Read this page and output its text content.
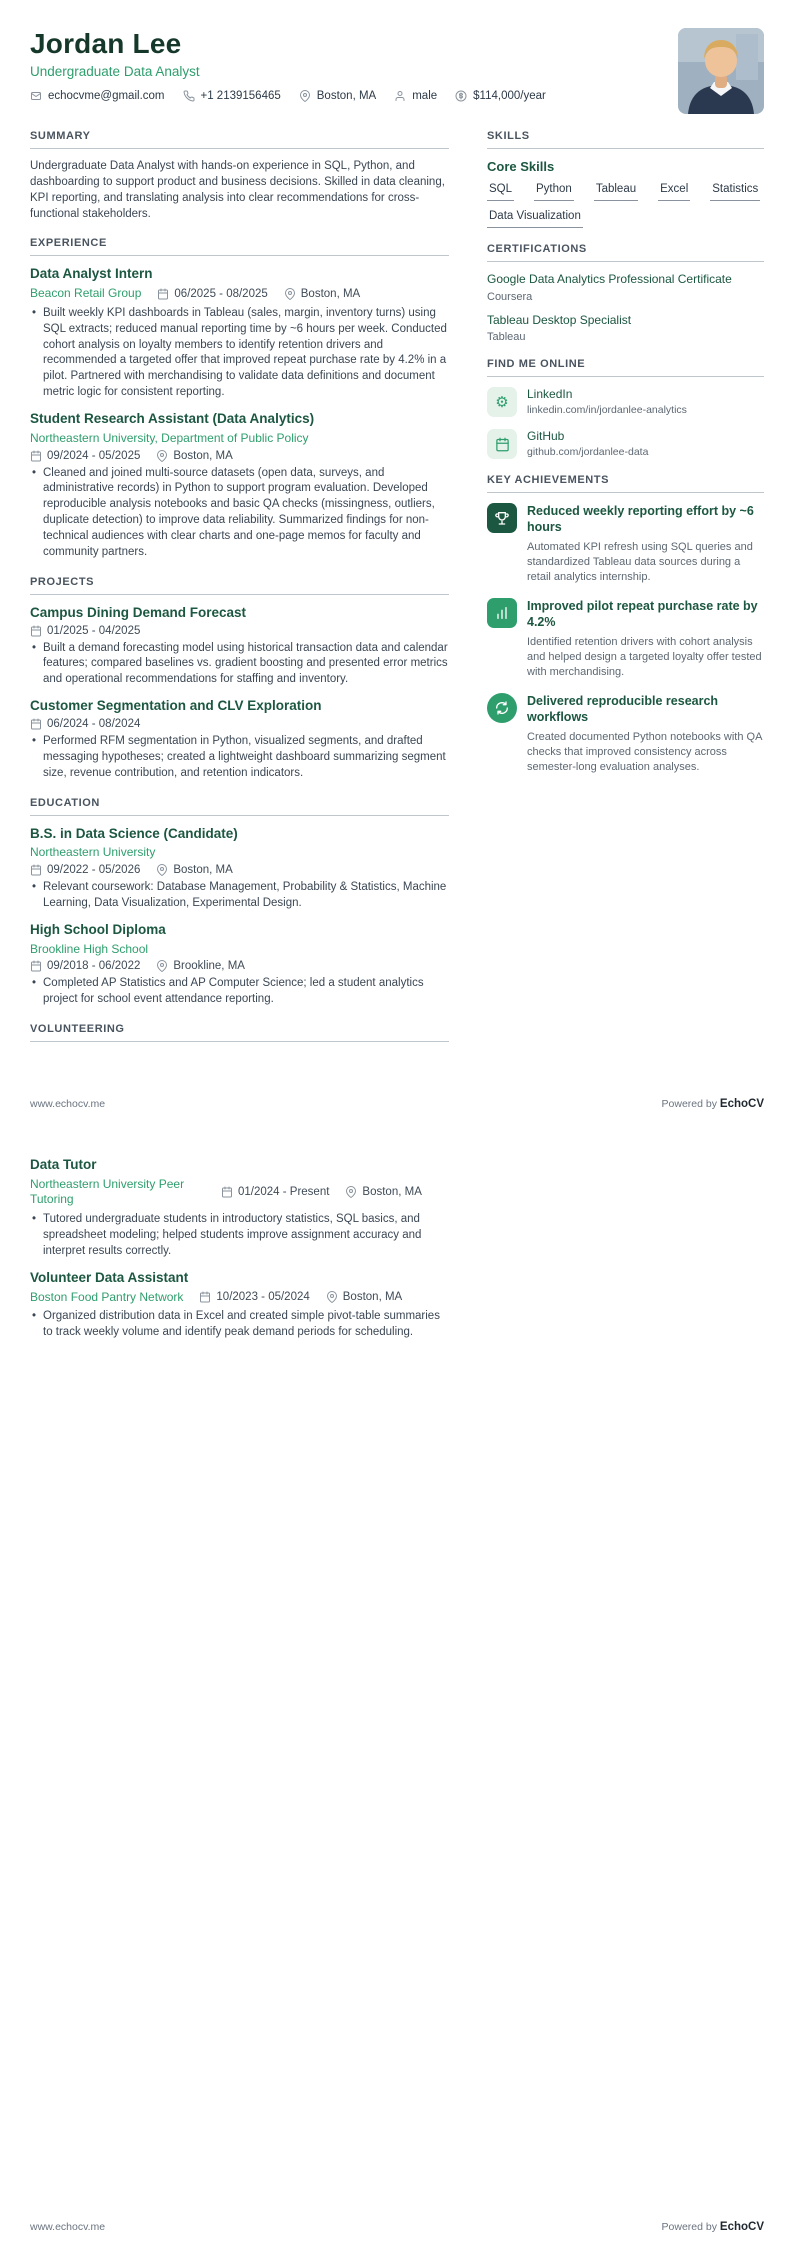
Jordan Lee
Undergraduate Data Analyst
echocvme@gmail.com	+1 2139156465	Boston, MA	male	$114,000/year
SUMMARY

Undergraduate Data Analyst with hands-on experience in SQL, Python, and dashboarding to support product and business decisions. Skilled in data cleaning, KPI reporting, and translating analysis into clear recommendations for cross-functional stakeholders.

EXPERIENCE
Data Analyst Intern
Beacon Retail Group	06/2025 - 08/2025	Boston, MA
• Built weekly KPI dashboards in Tableau (sales, margin, inventory turns) using SQL extracts; reduced manual reporting time by ~6 hours per week. Conducted cohort analysis on loyalty members to identify retention drivers and recommended a targeted offer that improved repeat purchase rate by 4.2% in a pilot. Partnered with merchandising to validate data definitions and document metric logic for consistent reporting.
Student Research Assistant (Data Analytics)
Northeastern University, Department of Public Policy
09/2024 - 05/2025	Boston, MA
• Cleaned and joined multi-source datasets (open data, surveys, and administrative records) in Python to support program evaluation. Developed reproducible analysis notebooks and basic QA checks (missingness, outliers, duplicate detection) to improve data reliability. Summarized findings for non-technical audiences with clear charts and one-page memos for faculty and community partners.
PROJECTS
Campus Dining Demand Forecast
01/2025 - 04/2025
• Built a demand forecasting model using historical transaction data and calendar features; compared baselines vs. gradient boosting and presented error metrics and operational recommendations for staffing and inventory.
Customer Segmentation and CLV Exploration
06/2024 - 08/2024
• Performed RFM segmentation in Python, visualized segments, and drafted messaging hypotheses; created a lightweight dashboard summarizing segment size, revenue contribution, and retention indicators.
EDUCATION
B.S. in Data Science (Candidate)
Northeastern University
09/2022 - 05/2026	Boston, MA
• Relevant coursework: Database Management, Probability & Statistics, Machine Learning, Data Visualization, Experimental Design.
High School Diploma
Brookline High School
09/2018 - 06/2022	Brookline, MA
• Completed AP Statistics and AP Computer Science; led a student analytics project for school event attendance reporting.
VOLUNTEERING
SKILLS
Core Skills
SQL Python Tableau Excel Statistics
Data Visualization
CERTIFICATIONS
Google Data Analytics Professional Certificate
Coursera
Tableau Desktop Specialist
Tableau
FIND ME ONLINE
⚙	LinkedIn
linkedin.com/in/jordanlee-analytics
GitHub
github.com/jordanlee-data
KEY ACHIEVEMENTS
Reduced weekly reporting effort by ~6 hours
Automated KPI refresh using SQL queries and standardized Tableau data sources during a retail analytics internship.
Improved pilot repeat purchase rate by 4.2%
Identified retention drivers with cohort analysis and helped design a targeted loyalty offer tested with merchandising.
Delivered reproducible research workflows
Created documented Python notebooks with QA checks that improved consistency across semester-long evaluation analyses.
www.echocv.me	Powered by EchoCV
Data Tutor
Northeastern University Peer Tutoring	01/2024 - Present	Boston, MA
• Tutored undergraduate students in introductory statistics, SQL basics, and spreadsheet modeling; helped students improve assignment accuracy and interpret results correctly.
Volunteer Data Assistant
Boston Food Pantry Network	10/2023 - 05/2024	Boston, MA
• Organized distribution data in Excel and created simple pivot-table summaries to track weekly volume and identify peak demand periods for scheduling.
www.echocv.me	Powered by EchoCV
